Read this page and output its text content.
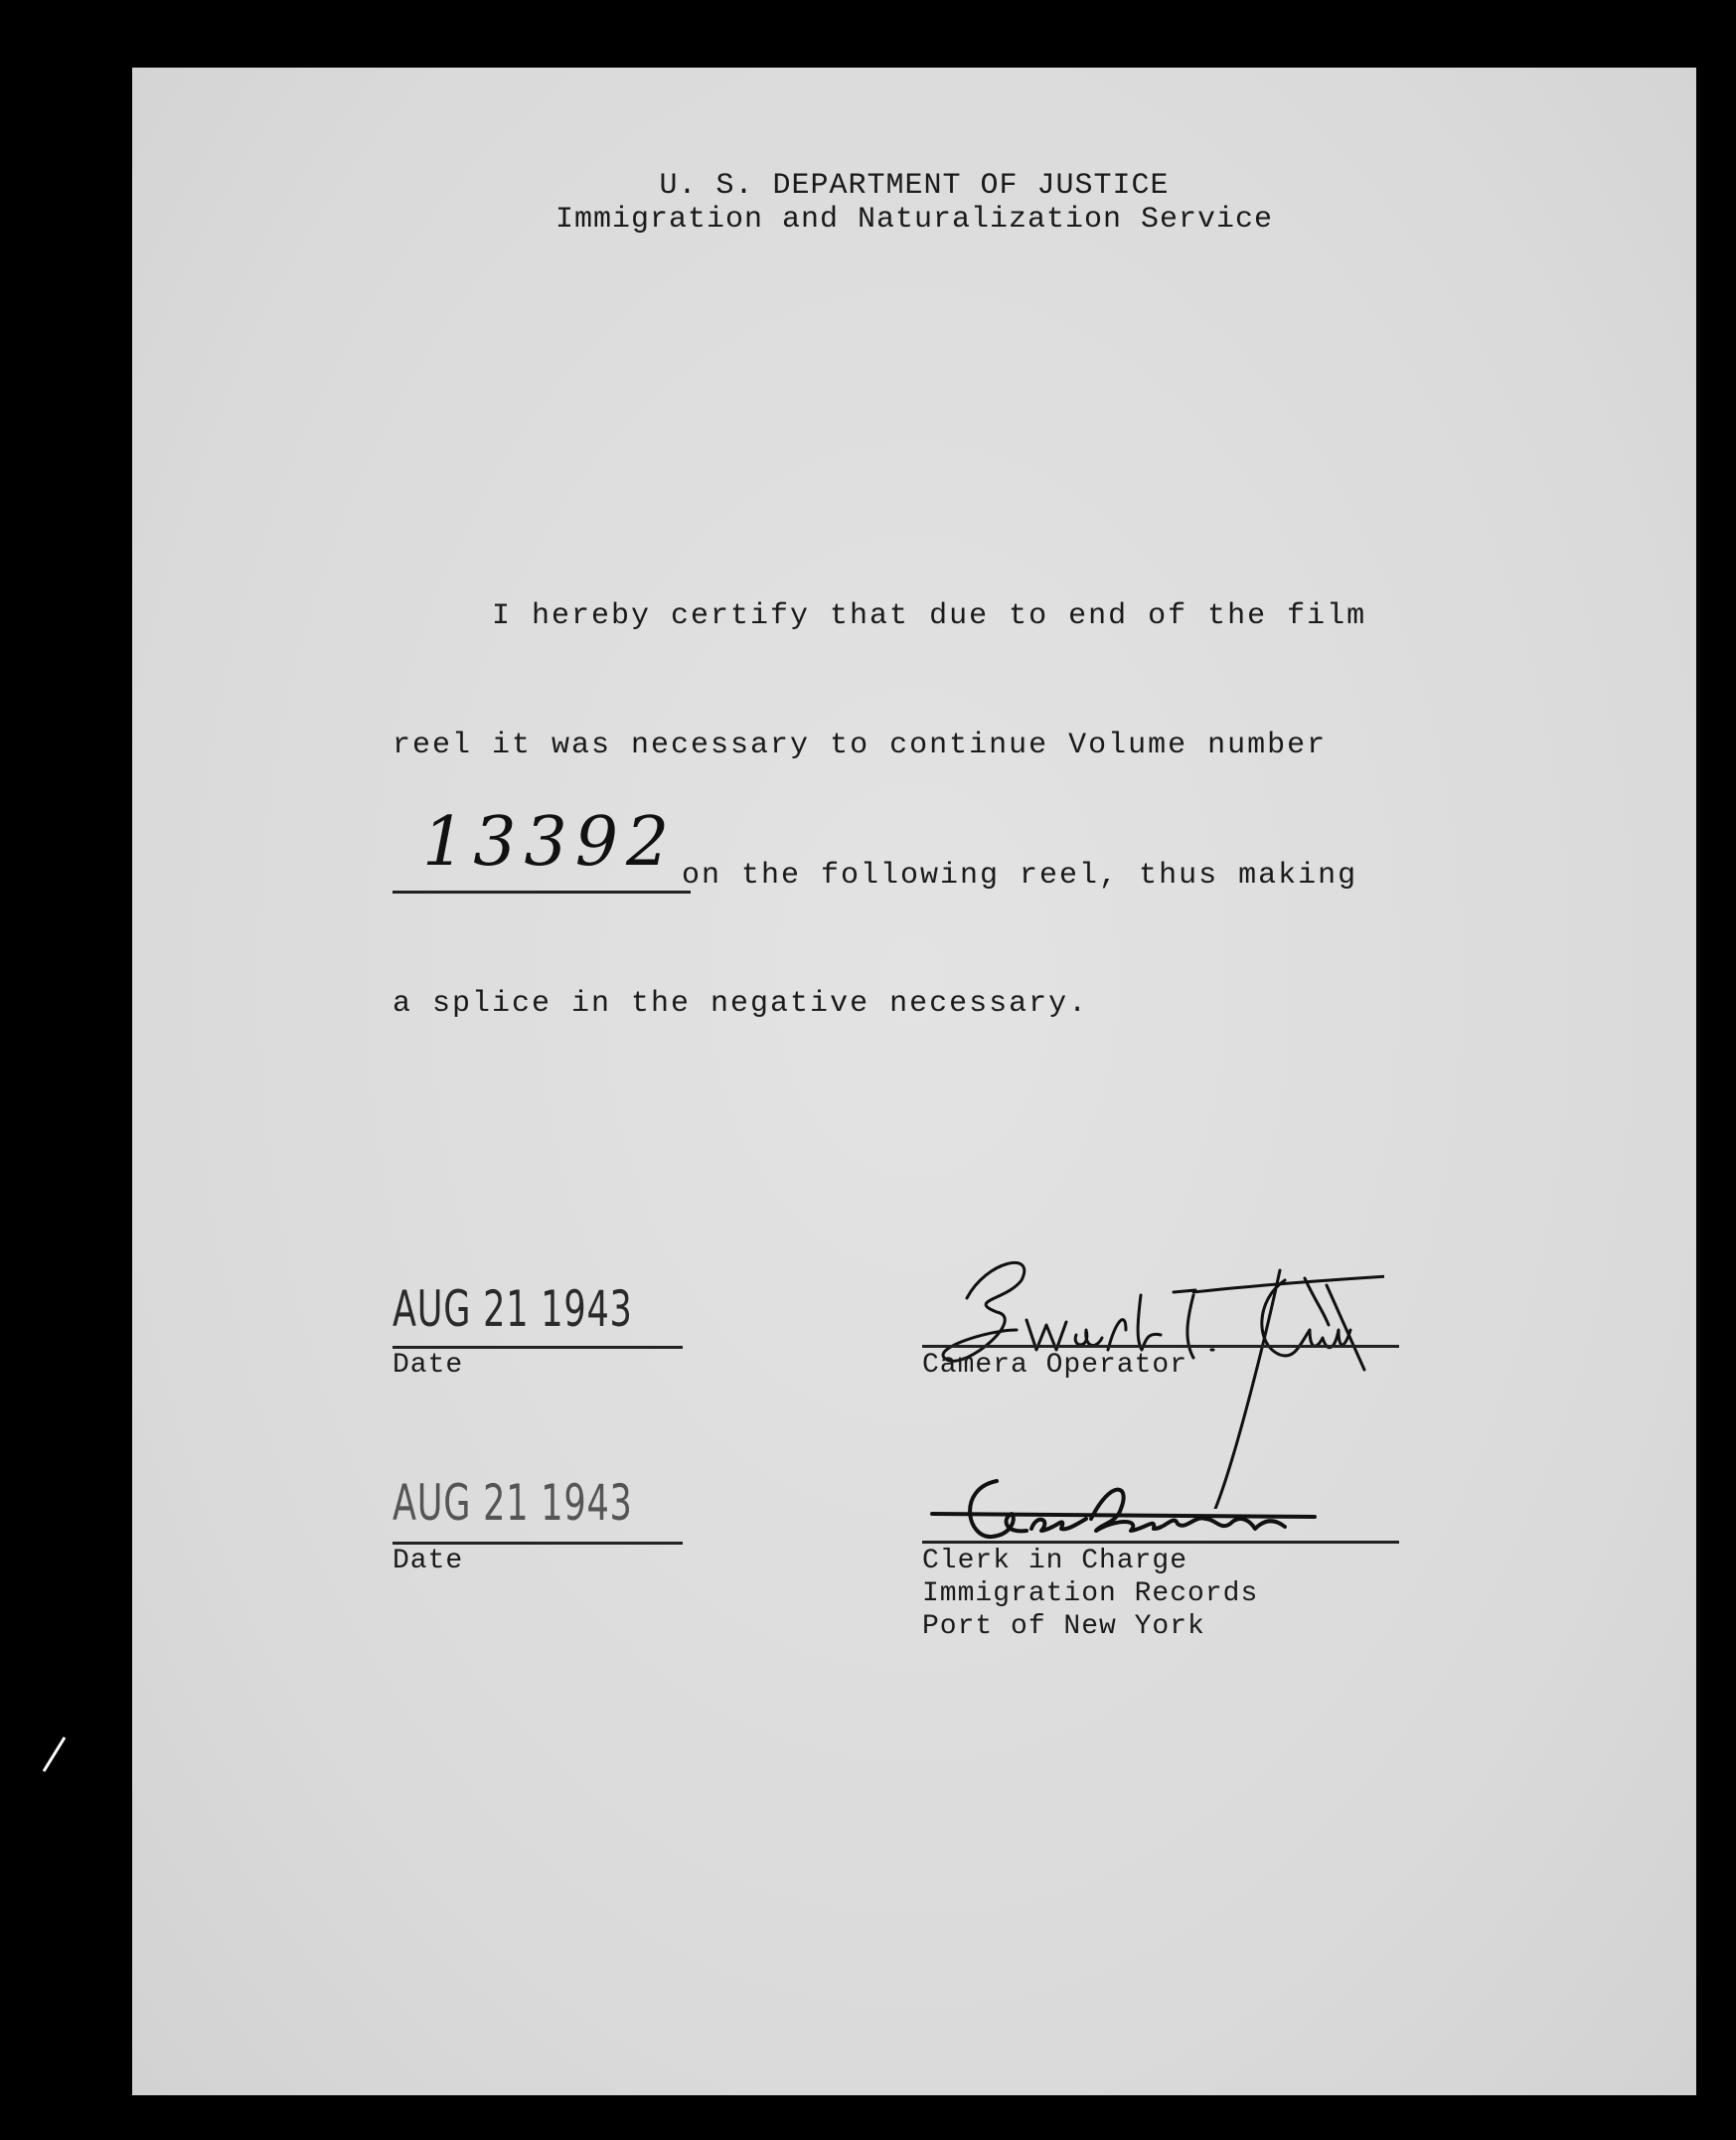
U. S. DEPARTMENT OF JUSTICE
Immigration and Naturalization Service
I hereby certify that due to end of the film
reel it was necessary to continue Volume number
13392 on the following reel, thus making
a splice in the negative necessary.
AUG 21 1943
Date	Camera Operator
AUG 21 1943
Date	Clerk in Charge
Immigration Records
Port of New York
